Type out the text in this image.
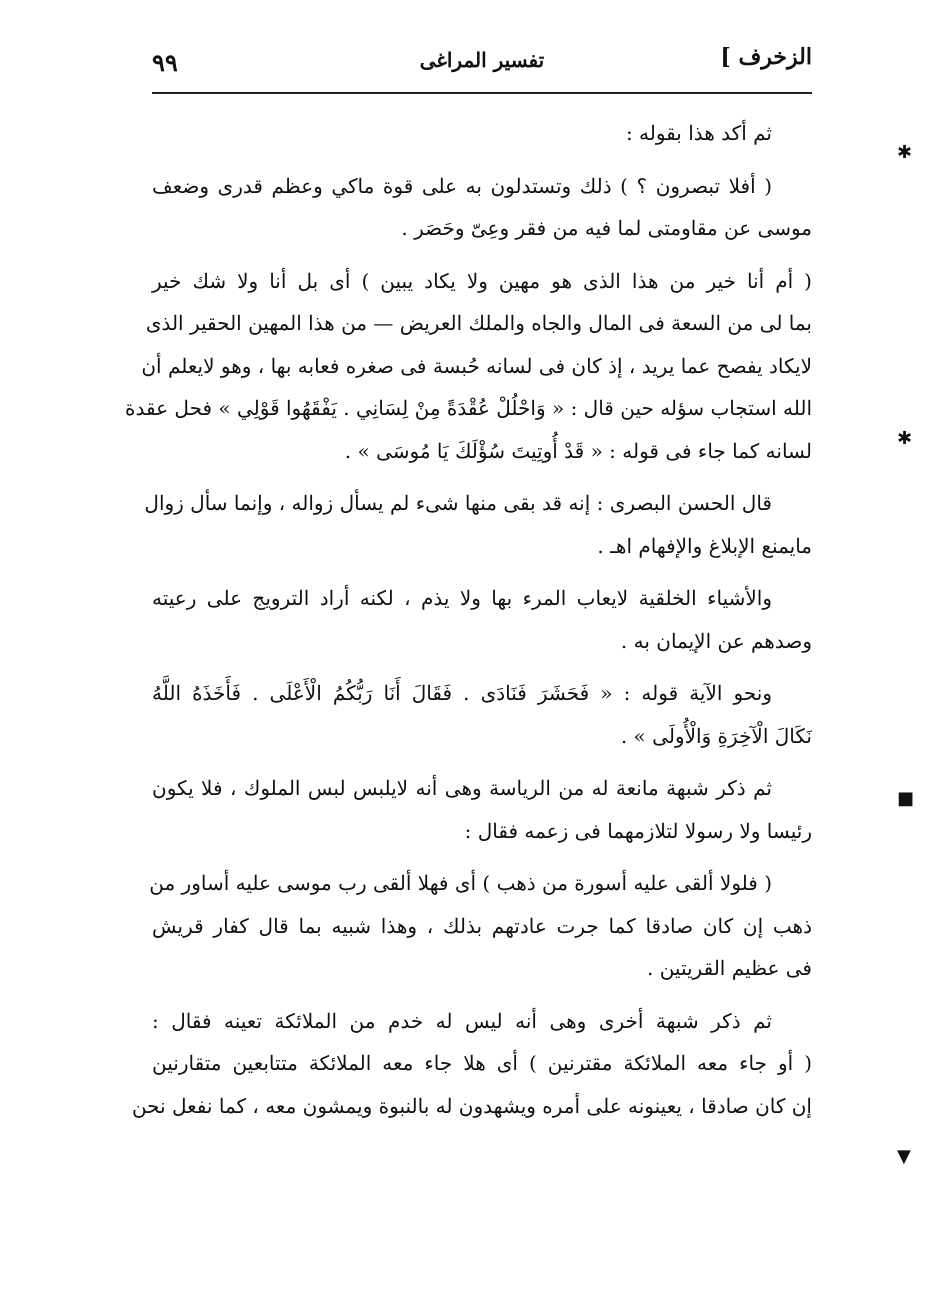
الزخرف ]
تفسير المراغى
٩٩
ثم أكد هذا بقوله :
( أفلا تبصرون ؟ ) ذلك وتستدلون به على قوة ماكي وعظم قدرى وضعف
موسى عن مقاومتى لما فيه من فقر وعِىّ وحَصَر .
( أم أنا خير من هذا الذى هو مهين ولا يكاد يبين ) أى بل أنا ولا شك خير
بما لى من السعة فى المال والجاه والملك العريض — من هذا المهين الحقير الذى
لايكاد يفصح عما يريد ، إذ كان فى لسانه حُبسة فى صغره فعابه بها ، وهو لايعلم أن
الله استجاب سؤله حين قال : « وَاحْلُلْ عُقْدَةً مِنْ لِسَانِي . يَفْقَهُوا قَوْلِي » فحل عقدة
لسانه كما جاء فى قوله : « قَدْ أُوتِيتَ سُؤْلَكَ يَا مُوسَى » .
قال الحسن البصرى : إنه قد بقى منها شىء لم يسأل زواله ، وإنما سأل زوال
مايمنع الإبلاغ والإفهام اهـ .
والأشياء الخلقية لايعاب المرء بها ولا يذم ، لكنه أراد الترويج على رعيته
وصدهم عن الإيمان به .
ونحو الآية قوله : « فَحَشَرَ فَنَادَى . فَقَالَ أَنَا رَبُّكُمُ الْأَعْلَى . فَأَخَذَهُ اللَّهُ
نَكَالَ الْآخِرَةِ وَالْأُولَى » .
ثم ذكر شبهة مانعة له من الرياسة وهى أنه لايلبس لبس الملوك ، فلا يكون
رئيسا ولا رسولا لتلازمهما فى زعمه فقال :
( فلولا ألقى عليه أسورة من ذهب ) أى فهلا ألقى رب موسى عليه أساور من
ذهب إن كان صادقا كما جرت عادتهم بذلك ، وهذا شبيه بما قال كفار قريش
فى عظيم القريتين .
ثم ذكر شبهة أخرى وهى أنه ليس له خدم من الملائكة تعينه فقال :
( أو جاء معه الملائكة مقترنين ) أى هلا جاء معه الملائكة متتابعين متقارنين
إن كان صادقا ، يعينونه على أمره ويشهدون له بالنبوة ويمشون معه ، كما نفعل نحن
✱
✱
■
▼
